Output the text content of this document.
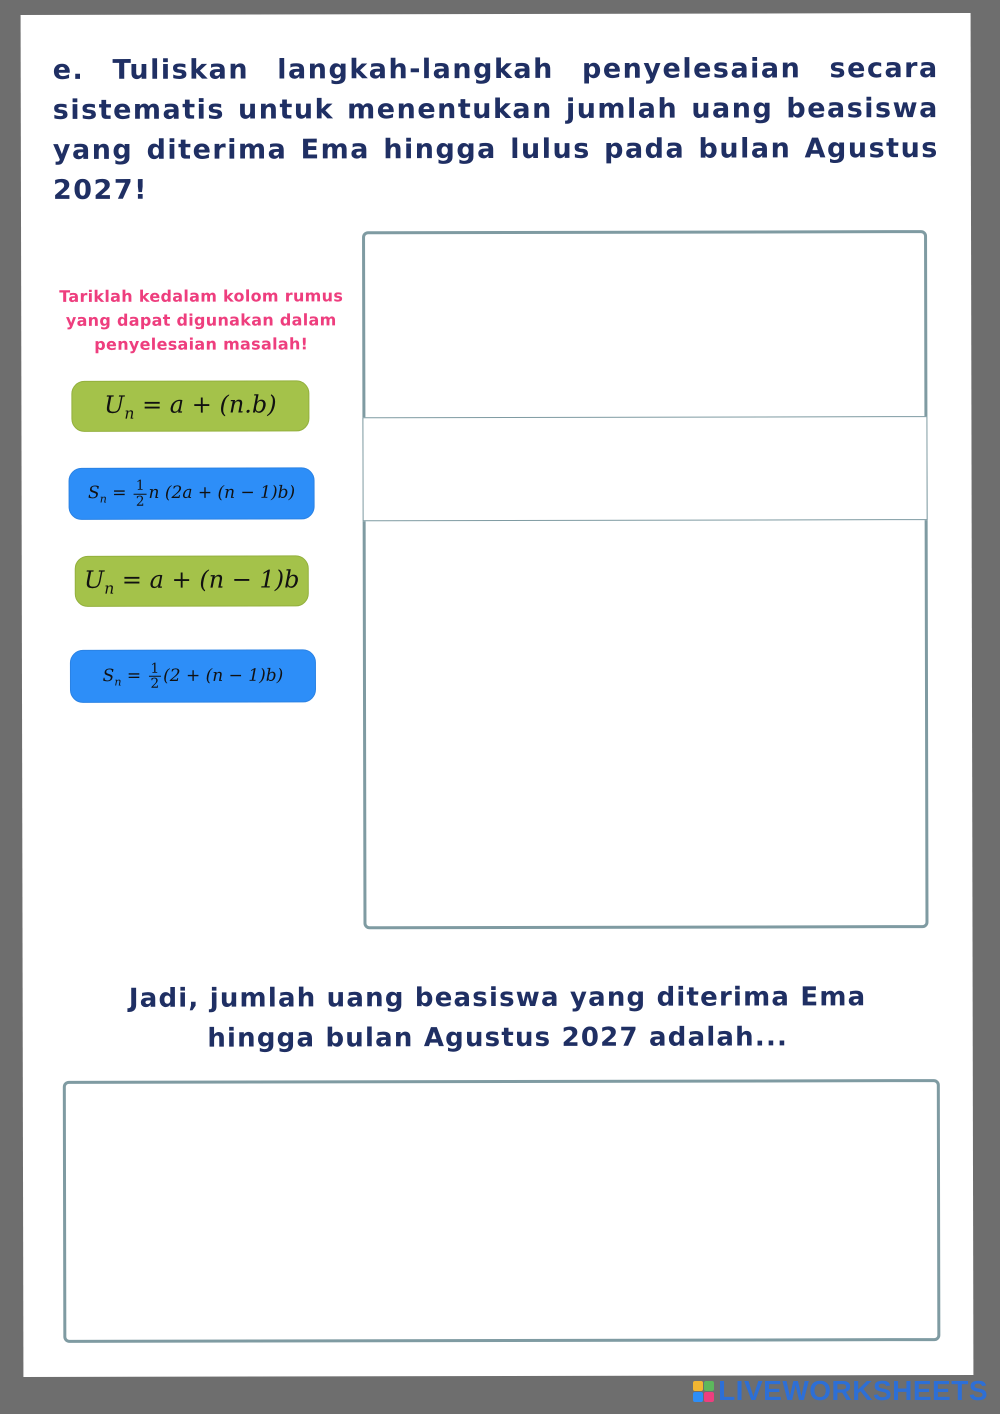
e. Tuliskan langkah-langkah penyelesaian secara sistematis untuk menentukan jumlah uang beasiswa yang diterima Ema hingga lulus pada bulan Agustus 2027!

Tariklah kedalam kolom rumus yang dapat digunakan dalam penyelesaian masalah!
$U_n = a + (n.b)$
$S_n = \frac{1}{2}$ n (2a + (n − 1)b)
$U_n = a + (n - 1)b$
$S_n = \frac{1}{2} (2 + (n - 1)b)$
Jadi, jumlah uang beasiswa yang diterima Ema
hingga bulan Agustus 2027 adalah...
LIVEWORKSHEETS
